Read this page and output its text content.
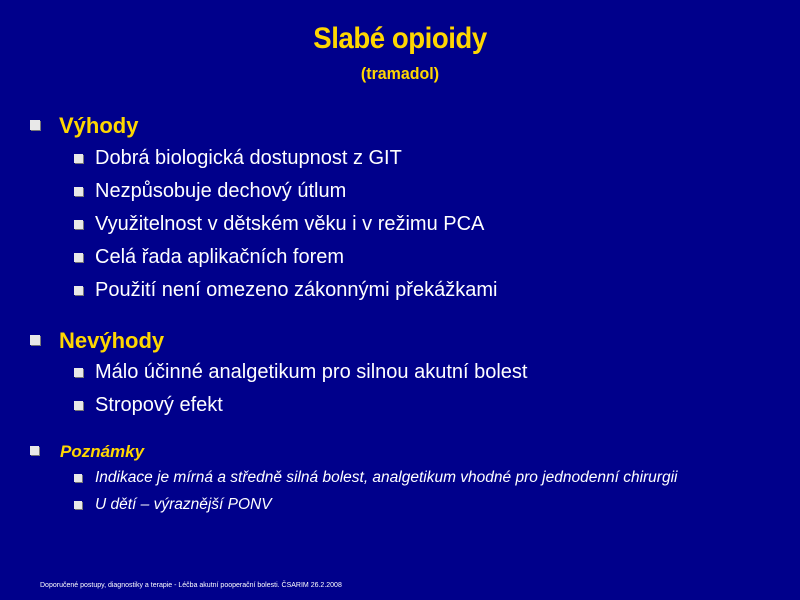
Slabé opioidy
(tramadol)
Výhody
Dobrá biologická dostupnost z GIT
Nezpůsobuje dechový útlum
Využitelnost v dětském věku i v režimu PCA
Celá řada aplikačních forem
Použití není omezeno zákonnými překážkami
Nevýhody
Málo účinné analgetikum pro silnou akutní bolest
Stropový efekt
Poznámky
Indikace je mírná a středně silná bolest, analgetikum vhodné pro jednodenní chirurgii
U dětí – výraznější PONV
Doporučené postupy, diagnostiky a terapie - Léčba akutní pooperační bolesti. ČSARIM 26.2.2008
